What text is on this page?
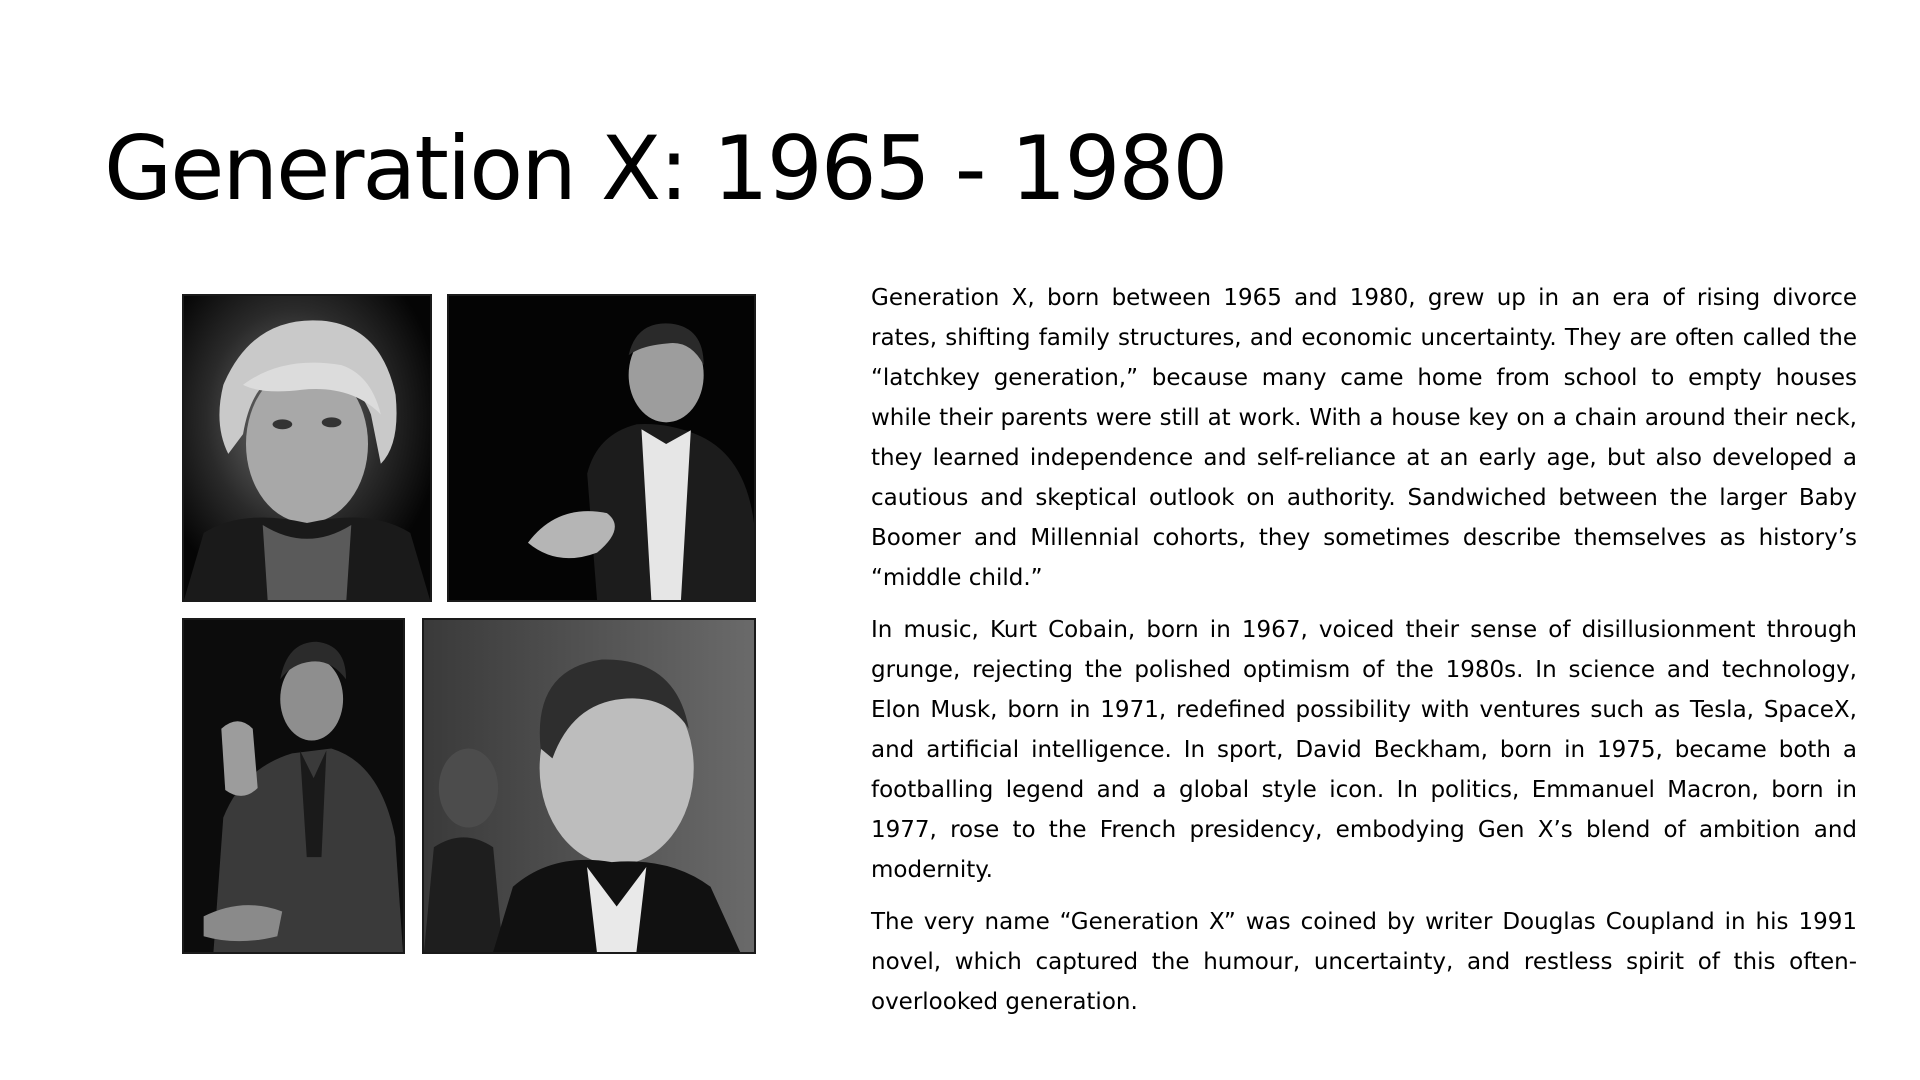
Generation X: 1965 - 1980

Generation X, born between 1965 and 1980, grew up in an era of rising divorce rates, shifting family structures, and economic uncertainty. They are often called the “latchkey generation,” because many came home from school to empty houses while their parents were still at work. With a house key on a chain around their neck, they learned independence and self-reliance at an early age, but also developed a cautious and skeptical outlook on authority. Sandwiched between the larger Baby Boomer and Millennial cohorts, they sometimes describe themselves as history’s “middle child.”

In music, Kurt Cobain, born in 1967, voiced their sense of disillusionment through grunge, rejecting the polished optimism of the 1980s. In science and technology, Elon Musk, born in 1971, redefined possibility with ventures such as Tesla, SpaceX, and artificial intelligence. In sport, David Beckham, born in 1975, became both a footballing legend and a global style icon. In politics, Emmanuel Macron, born in 1977, rose to the French presidency, embodying Gen X’s blend of ambition and modernity.

The very name “Generation X” was coined by writer Douglas Coupland in his 1991 novel, which captured the humour, uncertainty, and restless spirit of this often-overlooked generation.
